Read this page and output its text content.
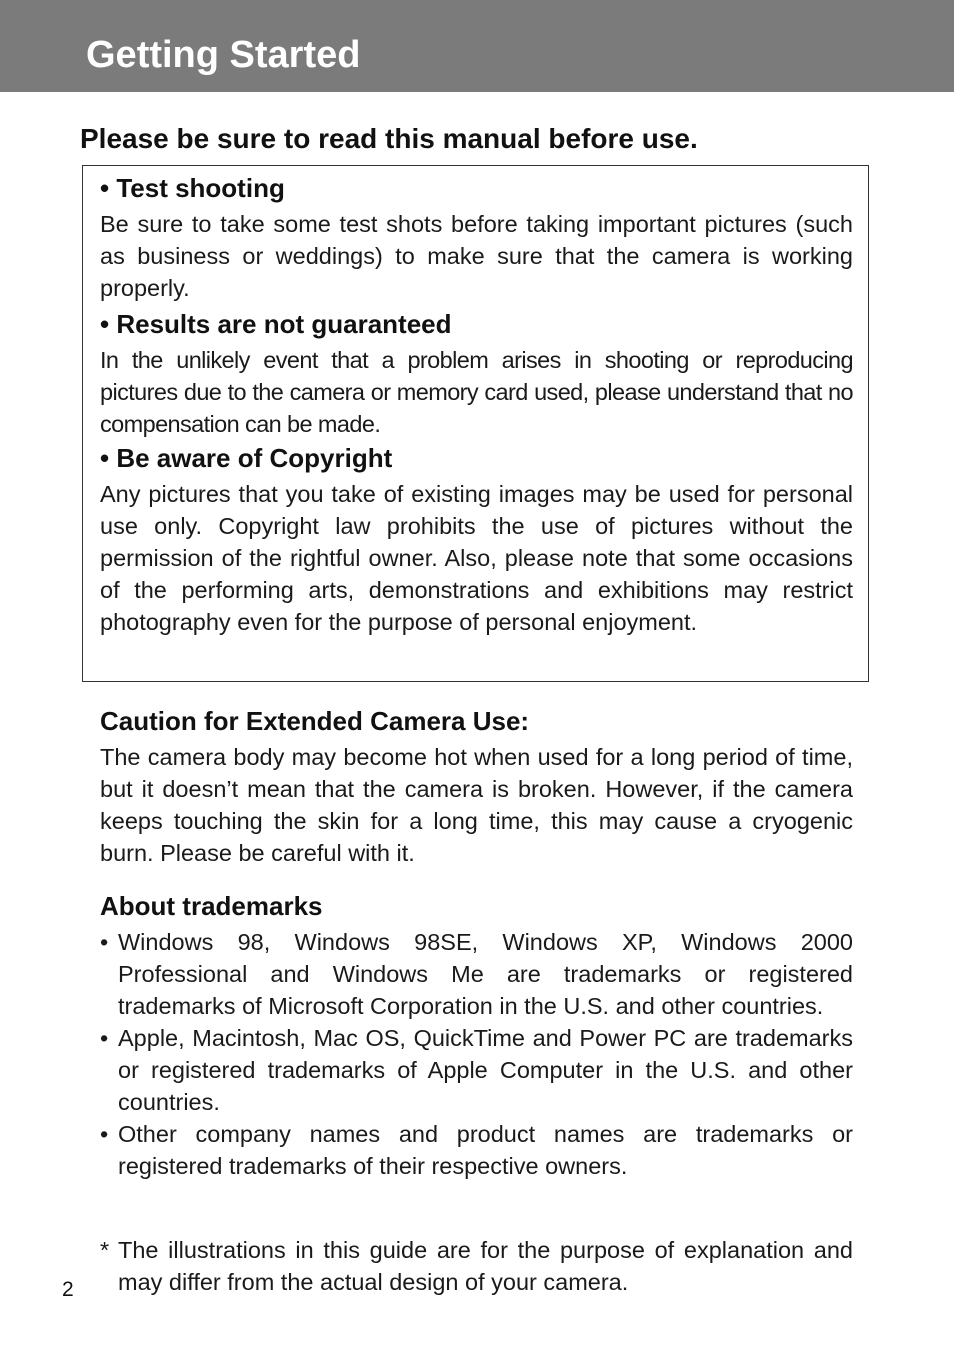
Getting Started
Please be sure to read this manual before use.
• Test shooting

Be sure to take some test shots before taking important pictures (such as business or weddings) to make sure that the camera is working properly.

• Results are not guaranteed

In the unlikely event that a problem arises in shooting or reproducing pictures due to the camera or memory card used, please understand that no compensation can be made.

• Be aware of Copyright

Any pictures that you take of existing images may be used for personal use only. Copyright law prohibits the use of pictures without the permission of the rightful owner. Also, please note that some occasions of the performing arts, demonstrations and exhibitions may restrict photography even for the purpose of personal enjoyment.

Caution for Extended Camera Use:

The camera body may become hot when used for a long period of time, but it doesn’t mean that the camera is broken. However, if the camera keeps touching the skin for a long time, this may cause a cryogenic burn. Please be careful with it.

About trademarks
• Windows 98, Windows 98SE, Windows XP, Windows 2000 Professional and Windows Me are trademarks or registered trademarks of Microsoft Corporation in the U.S. and other countries.
• Apple, Macintosh, Mac OS, QuickTime and Power PC are trademarks or registered trademarks of Apple Computer in the U.S. and other countries.
• Other company names and product names are trademarks or registered trademarks of their respective owners.
* The illustrations in this guide are for the purpose of explanation and may differ from the actual design of your camera.
2
